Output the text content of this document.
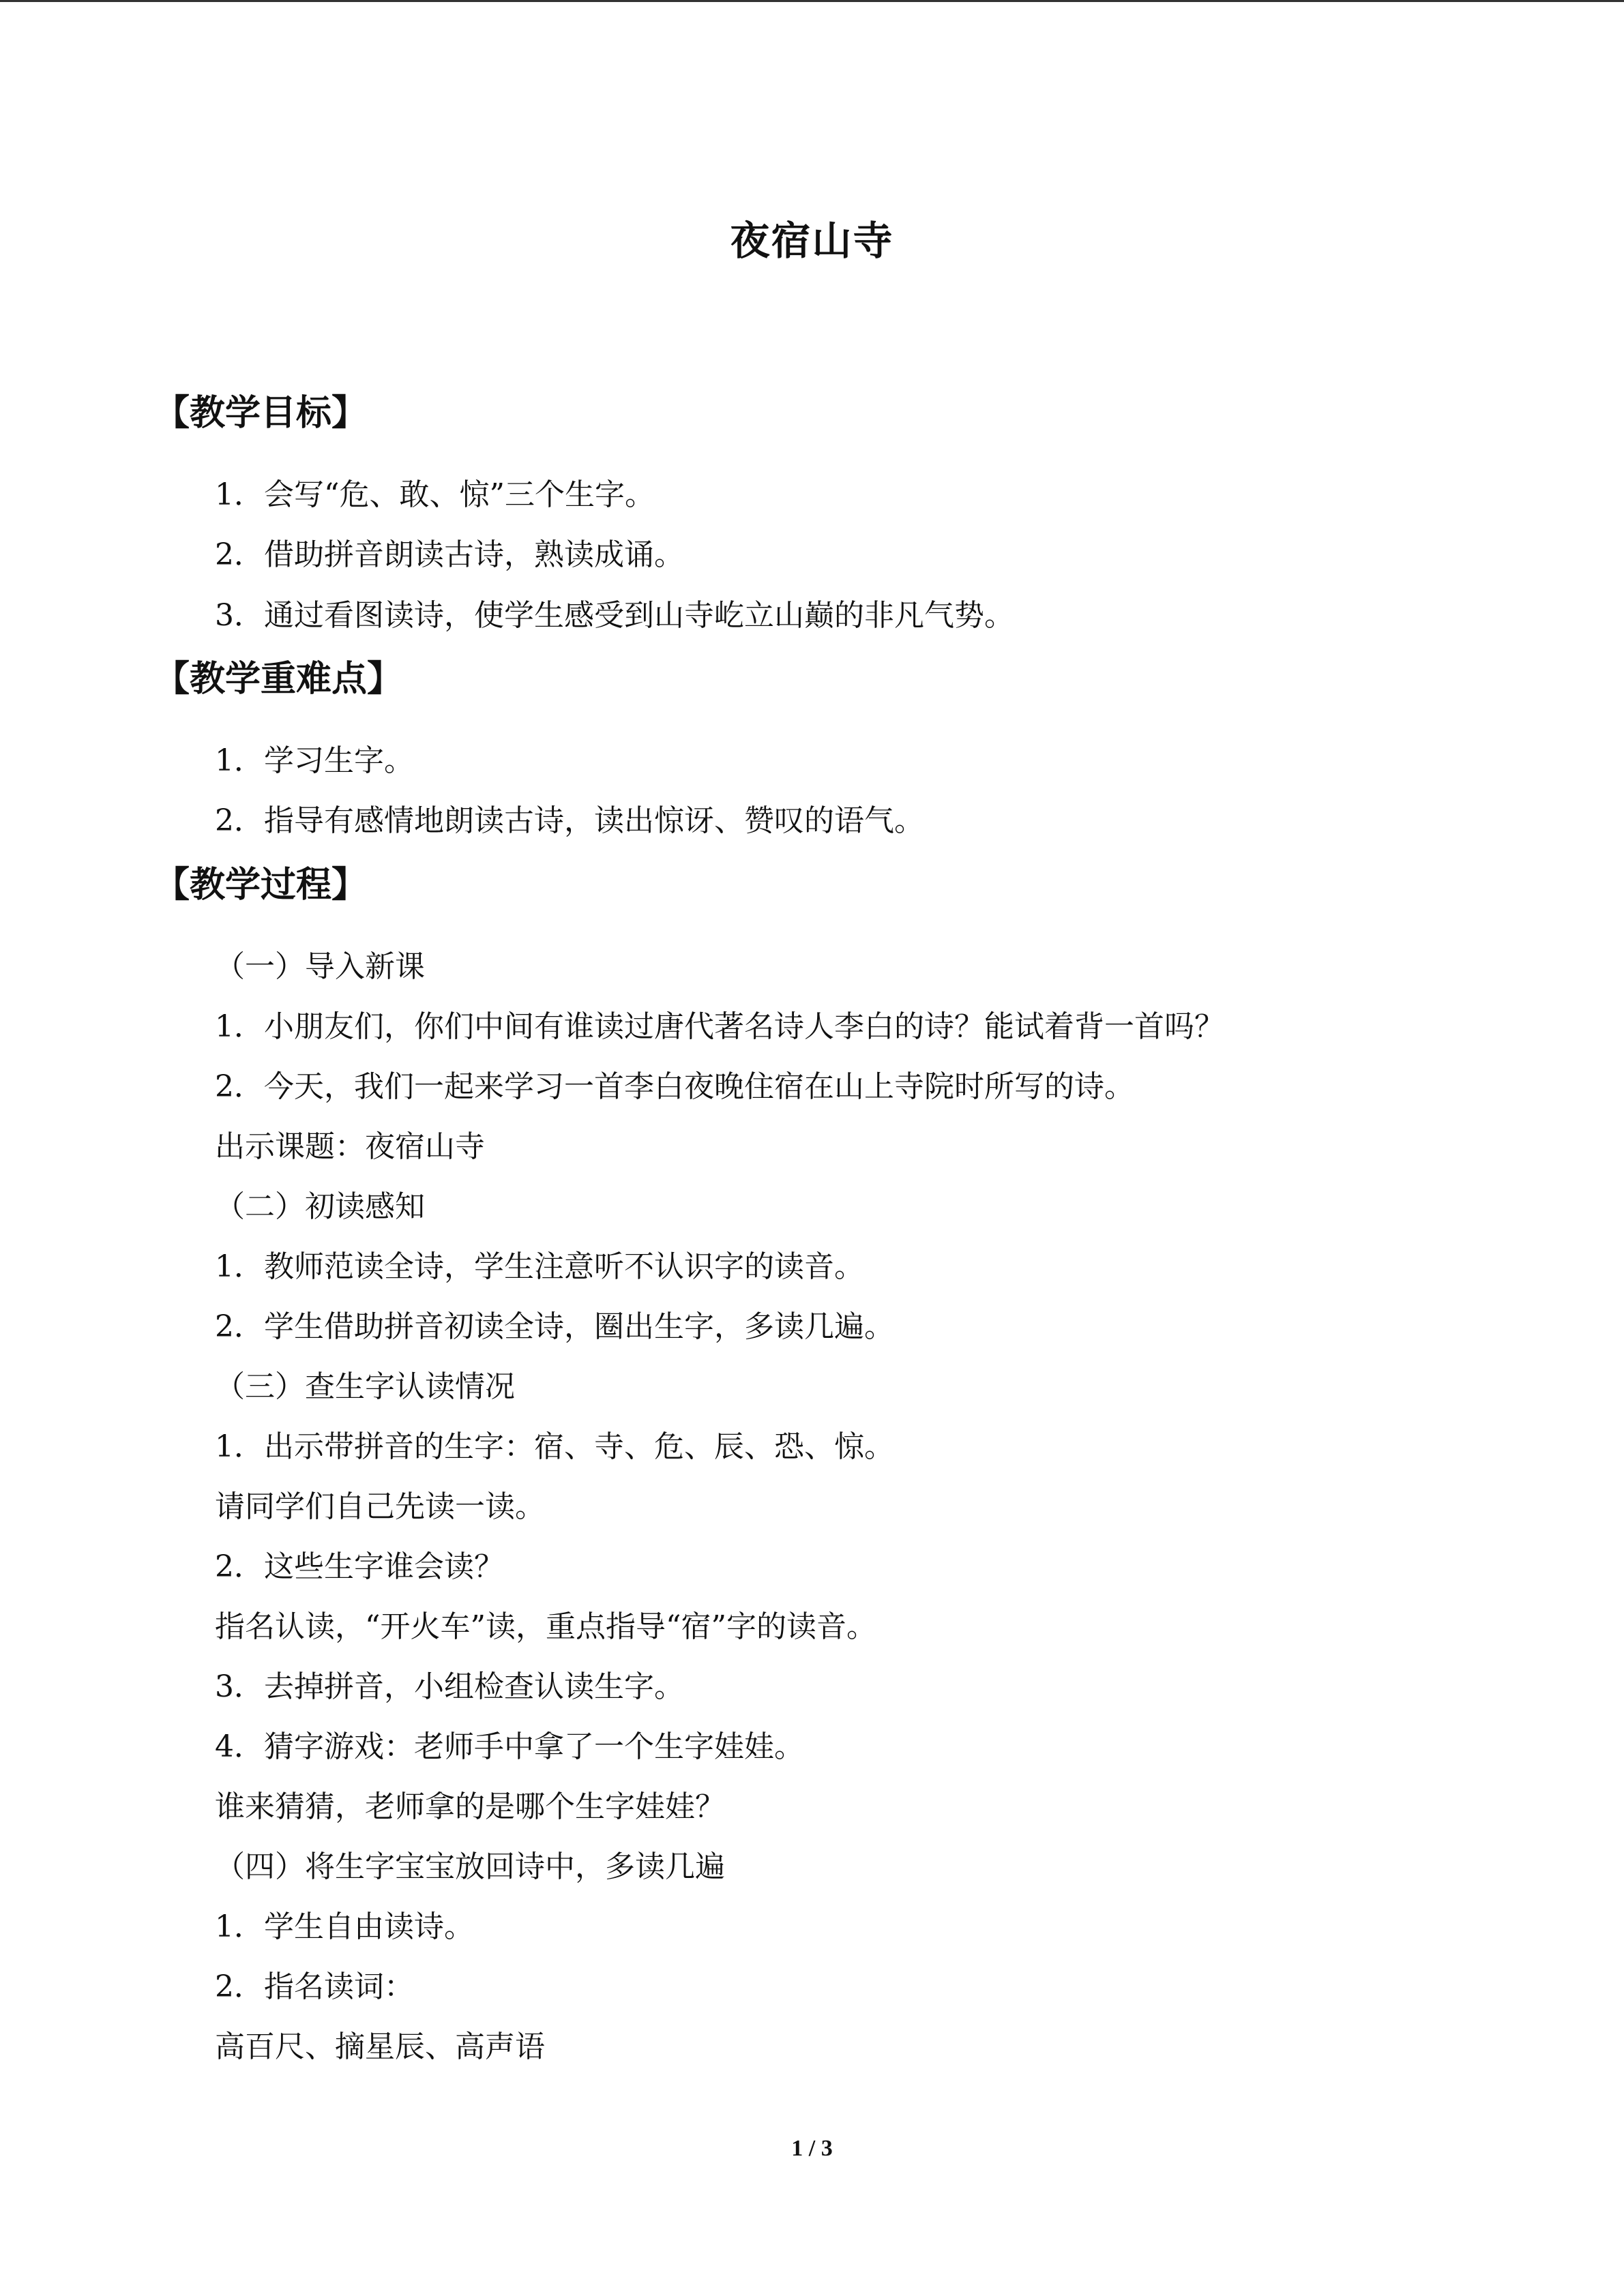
夜宿山寺
【教学目标】
1．会写“危、敢、惊”三个生字。
2．借助拼音朗读古诗，熟读成诵。
3．通过看图读诗，使学生感受到山寺屹立山巅的非凡气势。
【教学重难点】
1．学习生字。
2．指导有感情地朗读古诗，读出惊讶、赞叹的语气。
【教学过程】
（一）导入新课
1．小朋友们，你们中间有谁读过唐代著名诗人李白的诗？能试着背一首吗？
2．今天，我们一起来学习一首李白夜晚住宿在山上寺院时所写的诗。
出示课题：夜宿山寺
（二）初读感知
1．教师范读全诗，学生注意听不认识字的读音。
2．学生借助拼音初读全诗，圈出生字，多读几遍。
（三）查生字认读情况
1．出示带拼音的生字：宿、寺、危、辰、恐、惊。
请同学们自己先读一读。
2．这些生字谁会读？
指名认读，“开火车”读，重点指导“宿”字的读音。
3．去掉拼音，小组检查认读生字。
4．猜字游戏：老师手中拿了一个生字娃娃。
谁来猜猜，老师拿的是哪个生字娃娃？
（四）将生字宝宝放回诗中，多读几遍
1．学生自由读诗。
2．指名读词：
高百尺、摘星辰、高声语
1 / 3
